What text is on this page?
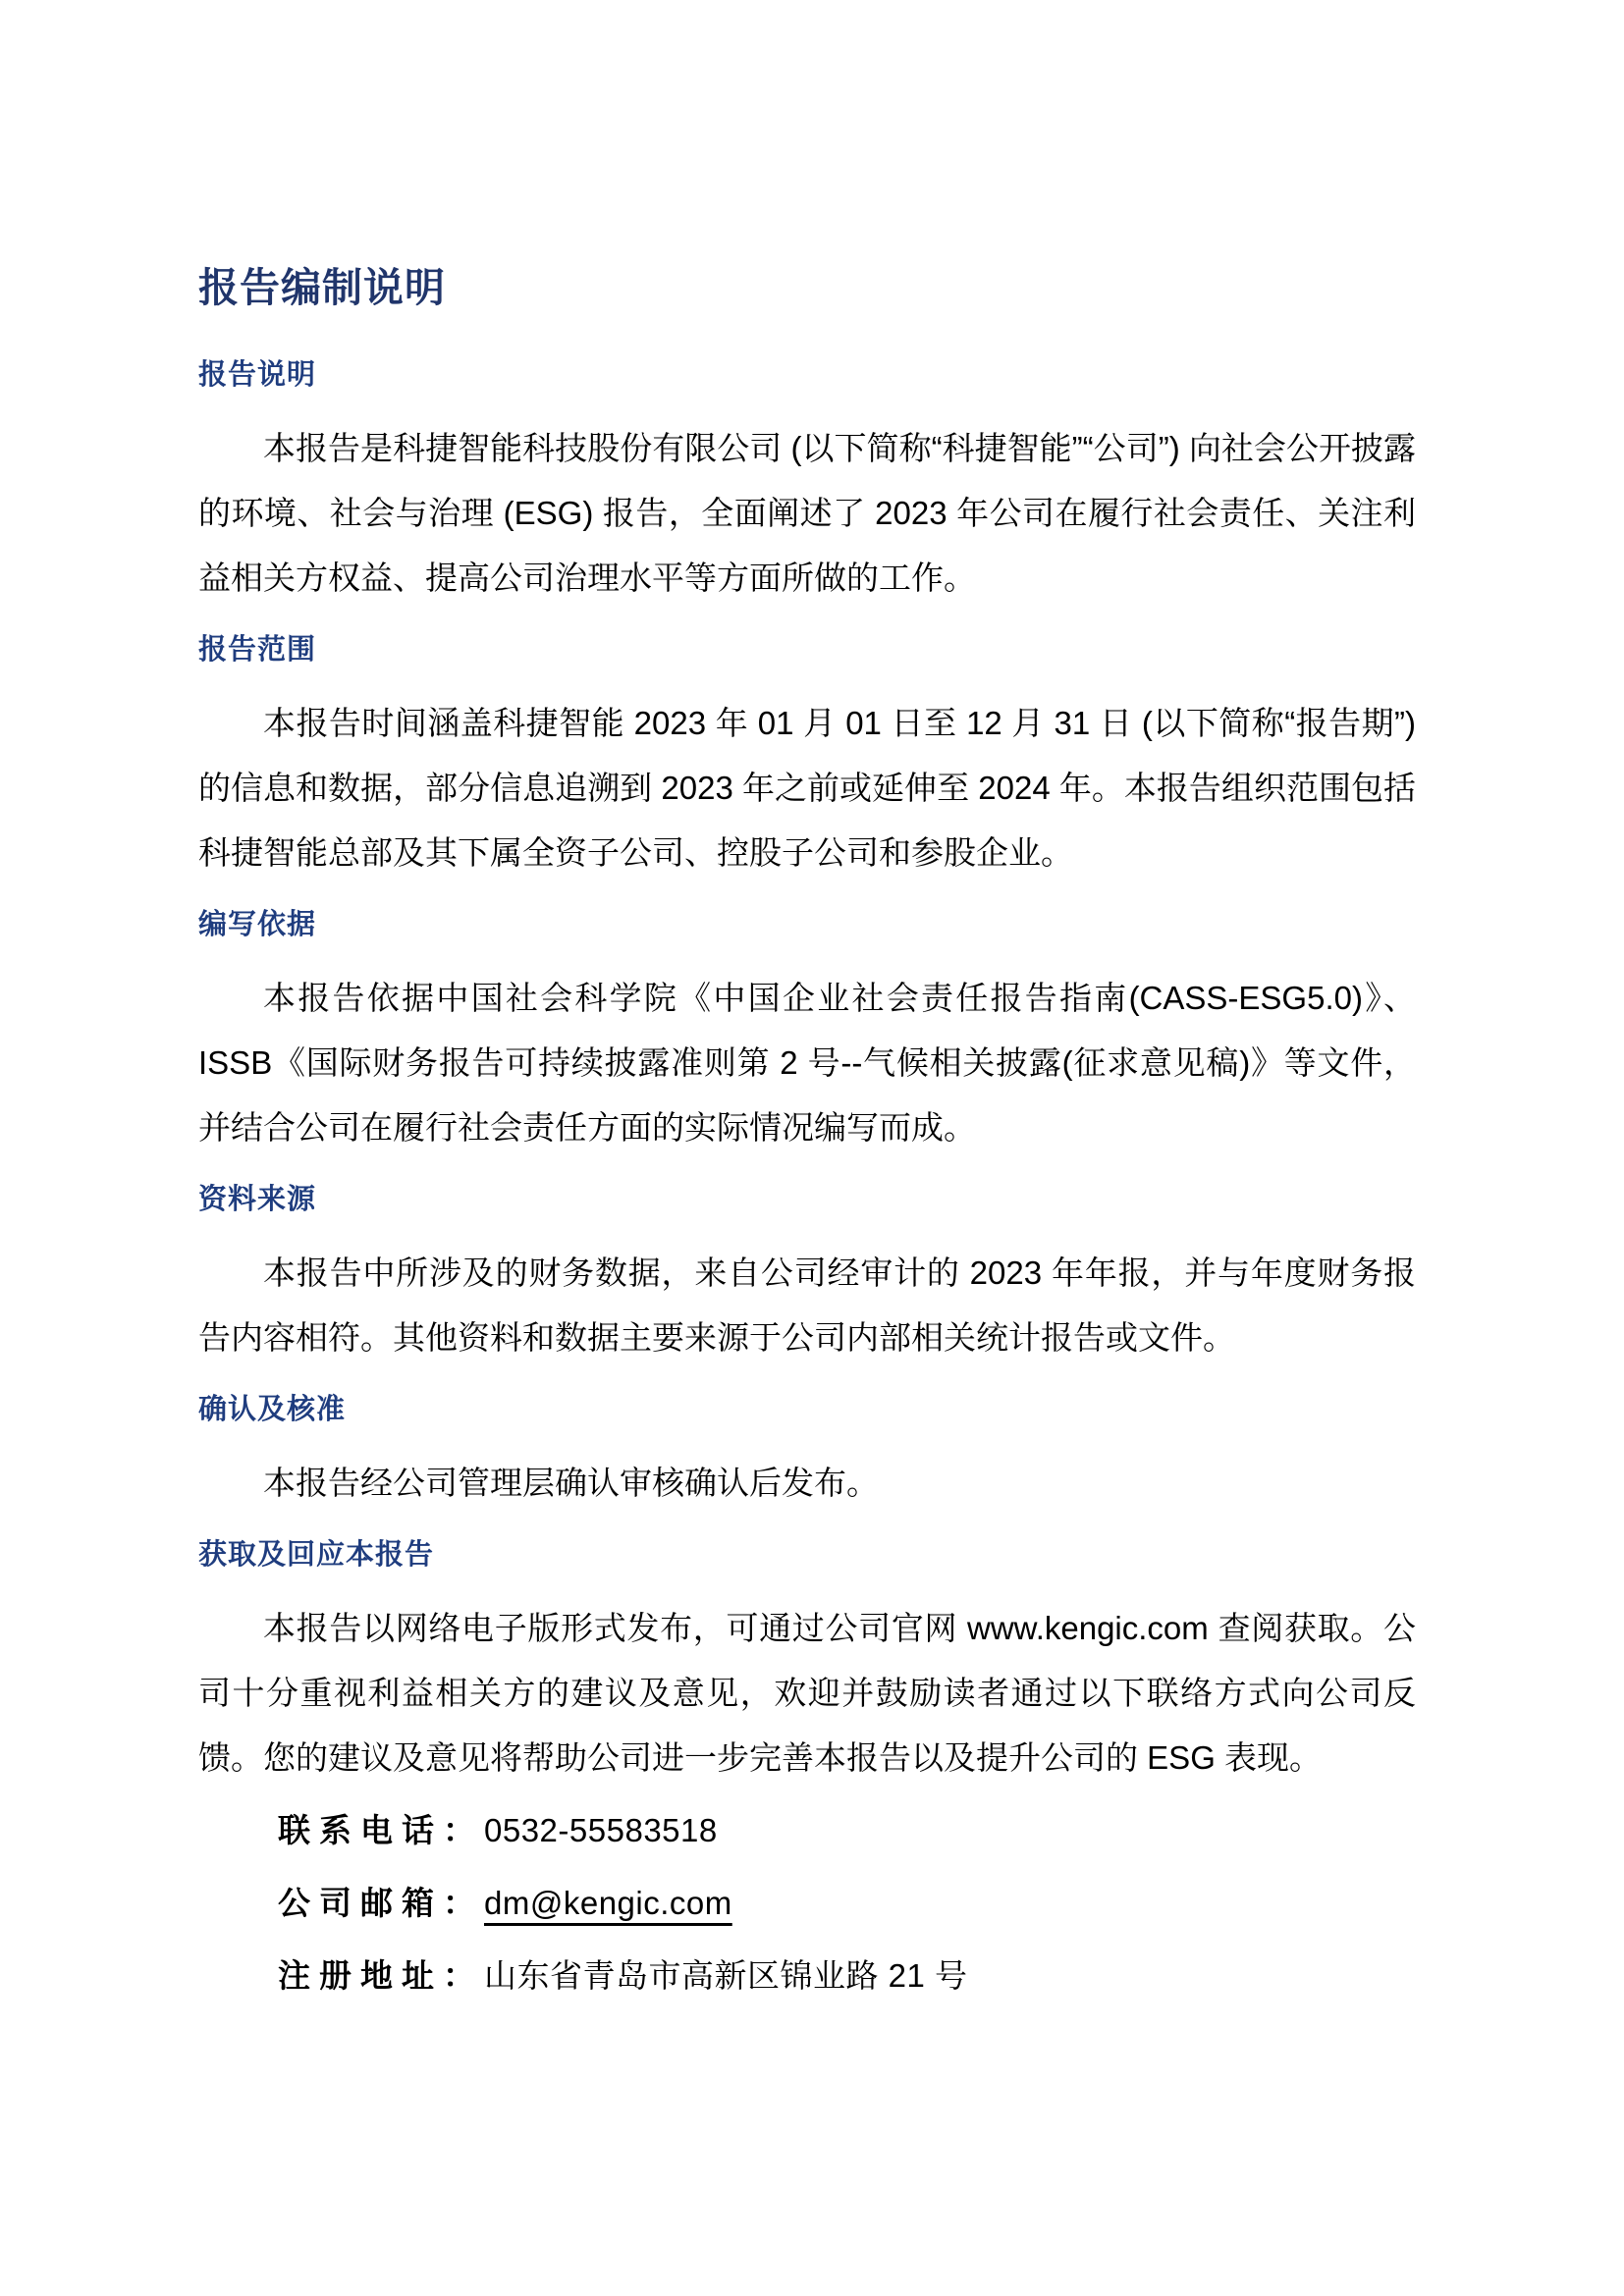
报告编制说明
报告说明

本报告是科捷智能科技股份有限公司 (以下简称“科捷智能”“公司”) 向社会公开披露的环境、社会与治理 (ESG) 报告，全面阐述了 2023 年公司在履行社会责任、关注利益相关方权益、提高公司治理水平等方面所做的工作。

报告范围

本报告时间涵盖科捷智能 2023 年 01 月 01 日至 12 月 31 日 (以下简称“报告期”) 的信息和数据，部分信息追溯到 2023 年之前或延伸至 2024 年。本报告组织范围包括科捷智能总部及其下属全资子公司、控股子公司和参股企业。

编写依据

本报告依据中国社会科学院《中国企业社会责任报告指南(CASS-ESG5.0)》、ISSB《国际财务报告可持续披露准则第 2 号--气候相关披露(征求意见稿)》等文件，并结合公司在履行社会责任方面的实际情况编写而成。

资料来源

本报告中所涉及的财务数据，来自公司经审计的 2023 年年报，并与年度财务报告内容相符。其他资料和数据主要来源于公司内部相关统计报告或文件。

确认及核准

本报告经公司管理层确认审核确认后发布。

获取及回应本报告

本报告以网络电子版形式发布，可通过公司官网 www.kengic.com 查阅获取。公司十分重视利益相关方的建议及意见，欢迎并鼓励读者通过以下联络方式向公司反馈。您的建议及意见将帮助公司进一步完善本报告以及提升公司的 ESG 表现。

联系电话：0532-55583518
公司邮箱：dm@kengic.com
注册地址：山东省青岛市高新区锦业路 21 号
